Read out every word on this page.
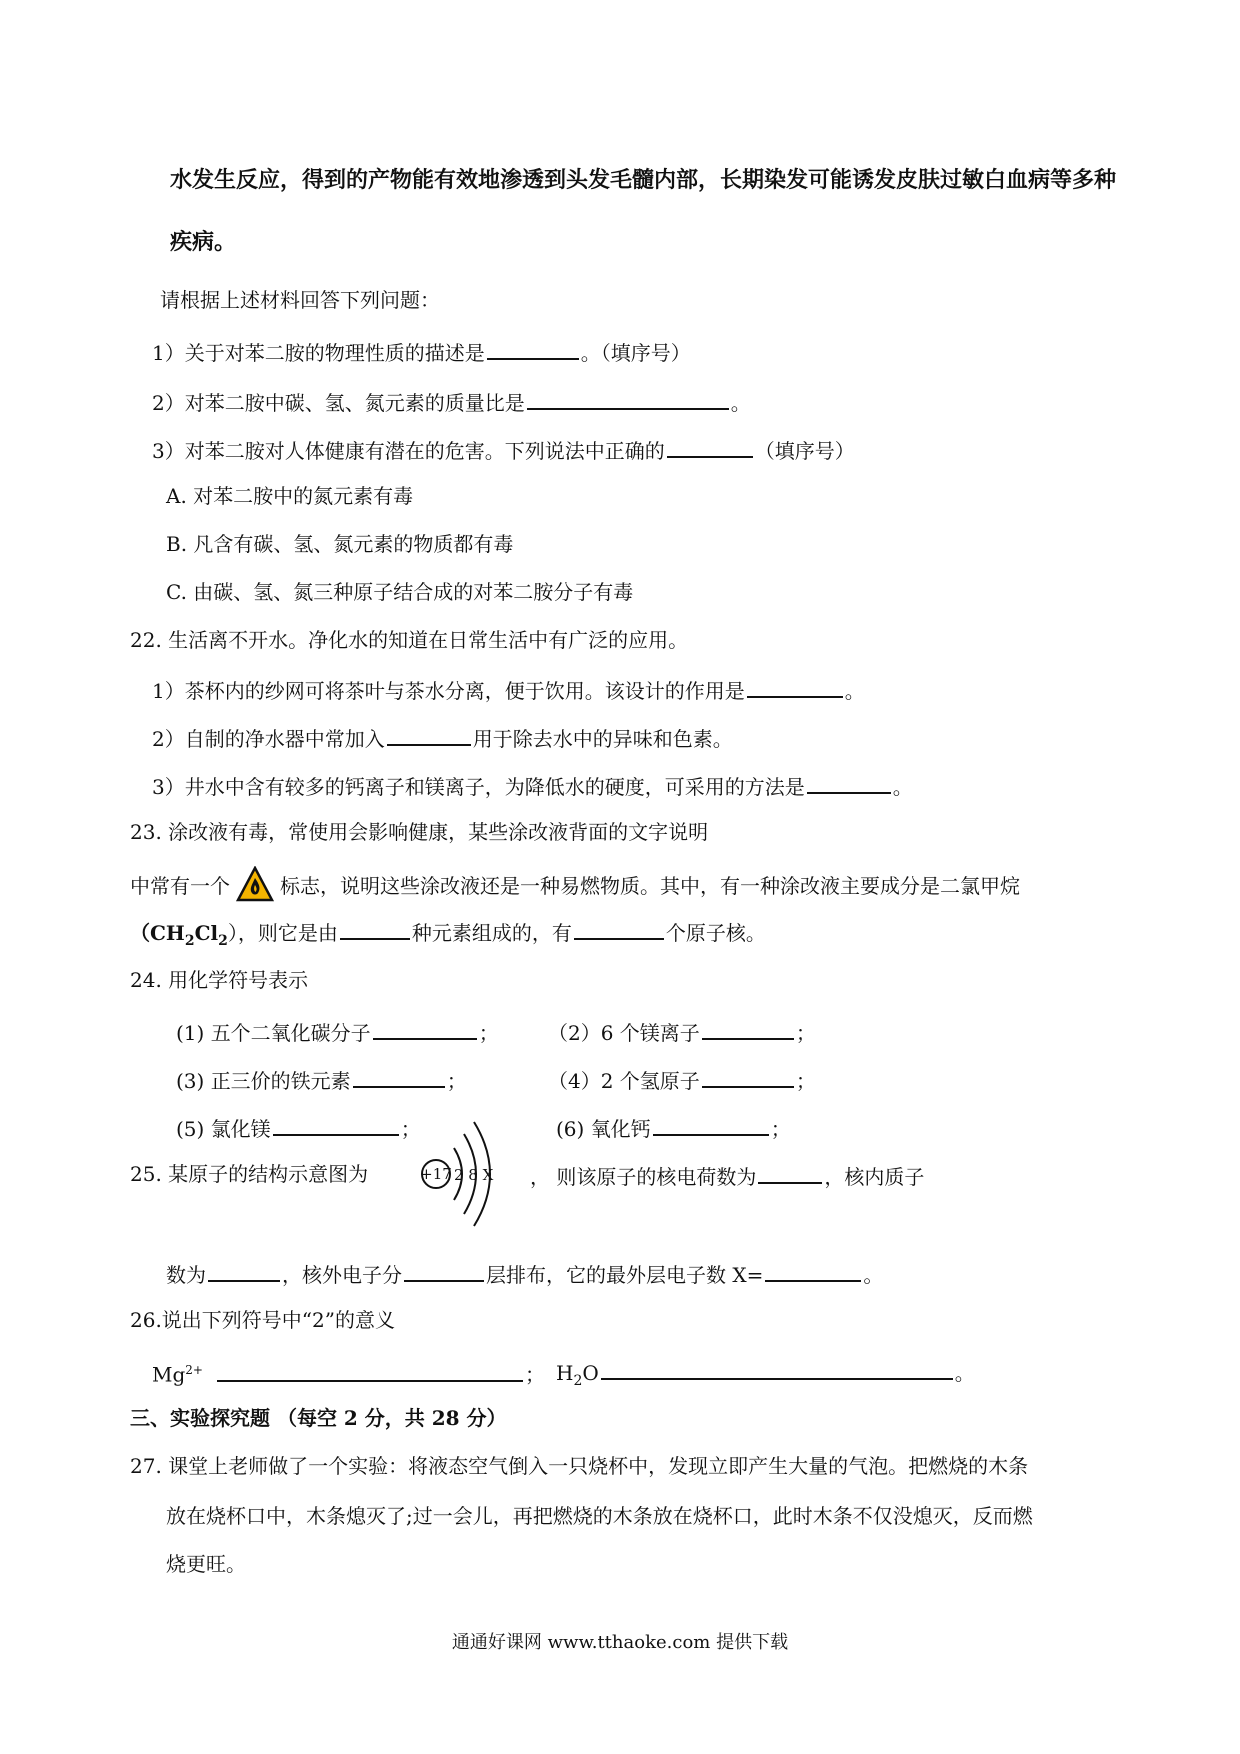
水发生反应，得到的产物能有效地渗透到头发毛髓内部，长期染发可能诱发皮肤过敏白血病等多种
疾病。
请根据上述材料回答下列问题：
1）关于对苯二胺的物理性质的描述是	。（填序号）
2）对苯二胺中碳、氢、氮元素的质量比是	。
3）对苯二胺对人体健康有潜在的危害。下列说法中正确的	（填序号）
A. 对苯二胺中的氮元素有毒
B. 凡含有碳、氢、氮元素的物质都有毒
C. 由碳、氢、氮三种原子结合成的对苯二胺分子有毒
22. 生活离不开水。净化水的知道在日常生活中有广泛的应用。
1）茶杯内的纱网可将茶叶与茶水分离，便于饮用。该设计的作用是	。
2）自制的净水器中常加入	用于除去水中的异味和色素。
3）井水中含有较多的钙离子和镁离子，为降低水的硬度，可采用的方法是	。
23. 涂改液有毒，常使用会影响健康，某些涂改液背面的文字说明
中常有一个	标志，说明这些涂改液还是一种易燃物质。其中，有一种涂改液主要成分是二氯甲烷
$(CH_2Cl_2)$，则它是由	种元素组成的，有	个原子核。
24. 用化学符号表示
(1) 五个二氧化碳分子	； （2）6 个镁离子	；
(3) 正三价的铁元素	；	（4）2 个氢原子	；
(5) 氯化镁	；	(6) 氧化钙	；
25. 某原子的结构示意图为	+17 2 8 X ， 则该原子的核电荷数为	，核内质子
数为	，核外电子分	层排布，它的最外层电子数 X=	。
26.说出下列符号中“2”的意义
$Mg^{2+}$	； $H_2O$	。
三、实验探究题 （每空 2 分，共 28 分）
27. 课堂上老师做了一个实验：将液态空气倒入一只烧杯中，发现立即产生大量的气泡。把燃烧的木条
放在烧杯口中，木条熄灭了;过一会儿，再把燃烧的木条放在烧杯口，此时木条不仅没熄灭，反而燃
烧更旺。
通通好课网 www.tthaoke.com 提供下载
